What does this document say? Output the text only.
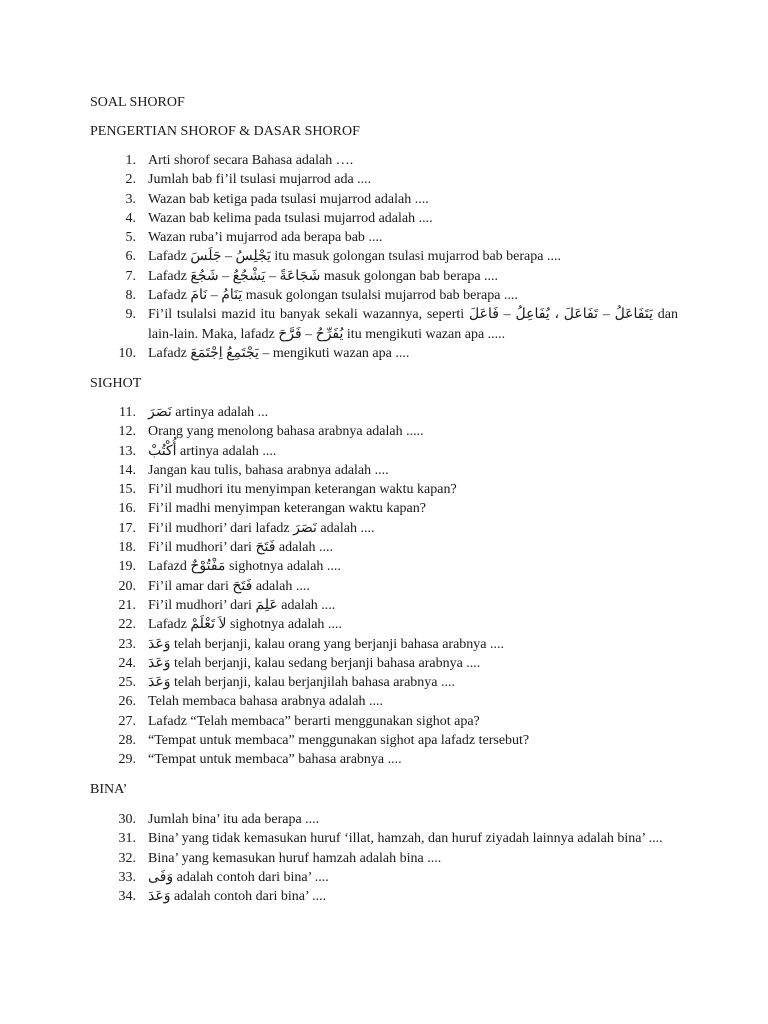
SOAL SHOROF
PENGERTIAN SHOROF & DASAR SHOROF
1. Arti shorof secara Bahasa adalah ….
2. Jumlah bab fi’il tsulasi mujarrod ada ....
3. Wazan bab ketiga pada tsulasi mujarrod adalah ....
4. Wazan bab kelima pada tsulasi mujarrod adalah ....
5. Wazan ruba’i mujarrod ada berapa bab ....
6. Lafadz يَجْلِسُ – جَلَسَ itu masuk golongan tsulasi mujarrod bab berapa ....
7. Lafadz شَجَاعَةً – يَشْجُعُ – شَجُعَ masuk golongan bab berapa ....
8. Lafadz يَنَامُ – نَامَ masuk golongan tsulalsi mujarrod bab berapa ....
9. Fi’il tsulalsi mazid itu banyak sekali wazannya, seperti يَتَفَاعَلُ – تَفَاعَلَ ، يُفَاعِلُ – فَاعَلَ dan lain-lain. Maka, lafadz يُفَرِّحُ – فَرَّحَ itu mengikuti wazan apa .....
10. Lafadz يَجْتَمِعُ اِجْتَمَعَ – mengikuti wazan apa ....
SIGHOT
11. نَصَرَ artinya adalah ...
12. Orang yang menolong bahasa arabnya adalah .....
13. أُكْتُبْ artinya adalah ....
14. Jangan kau tulis, bahasa arabnya adalah ....
15. Fi’il mudhori itu menyimpan keterangan waktu kapan?
16. Fi’il madhi menyimpan keterangan waktu kapan?
17. Fi’il mudhori’ dari lafadz نَصَرَ adalah ....
18. Fi’il mudhori’ dari فَتَحَ adalah ....
19. Lafazd مَفْتُوْحٌ sighotnya adalah ....
20. Fi’il amar dari فَتَحَ adalah ....
21. Fi’il mudhori’ dari عَلِمَ adalah ....
22. Lafadz لاَ تَعْلَمْ sighotnya adalah ....
23. وَعَدَ telah berjanji, kalau orang yang berjanji bahasa arabnya ....
24. وَعَدَ telah berjanji, kalau sedang berjanji bahasa arabnya ....
25. وَعَدَ telah berjanji, kalau berjanjilah bahasa arabnya ....
26. Telah membaca bahasa arabnya adalah ....
27. Lafadz “Telah membaca” berarti menggunakan sighot apa?
28. “Tempat untuk membaca” menggunakan sighot apa lafadz tersebut?
29. “Tempat untuk membaca” bahasa arabnya ....
BINA’
30. Jumlah bina’ itu ada berapa ....
31. Bina’ yang tidak kemasukan huruf ‘illat, hamzah, dan huruf ziyadah lainnya adalah bina’ ....
32. Bina’ yang kemasukan huruf hamzah adalah bina ....
33. وَفَى adalah contoh dari bina’ ....
34. وَعَدَ adalah contoh dari bina’ ....
